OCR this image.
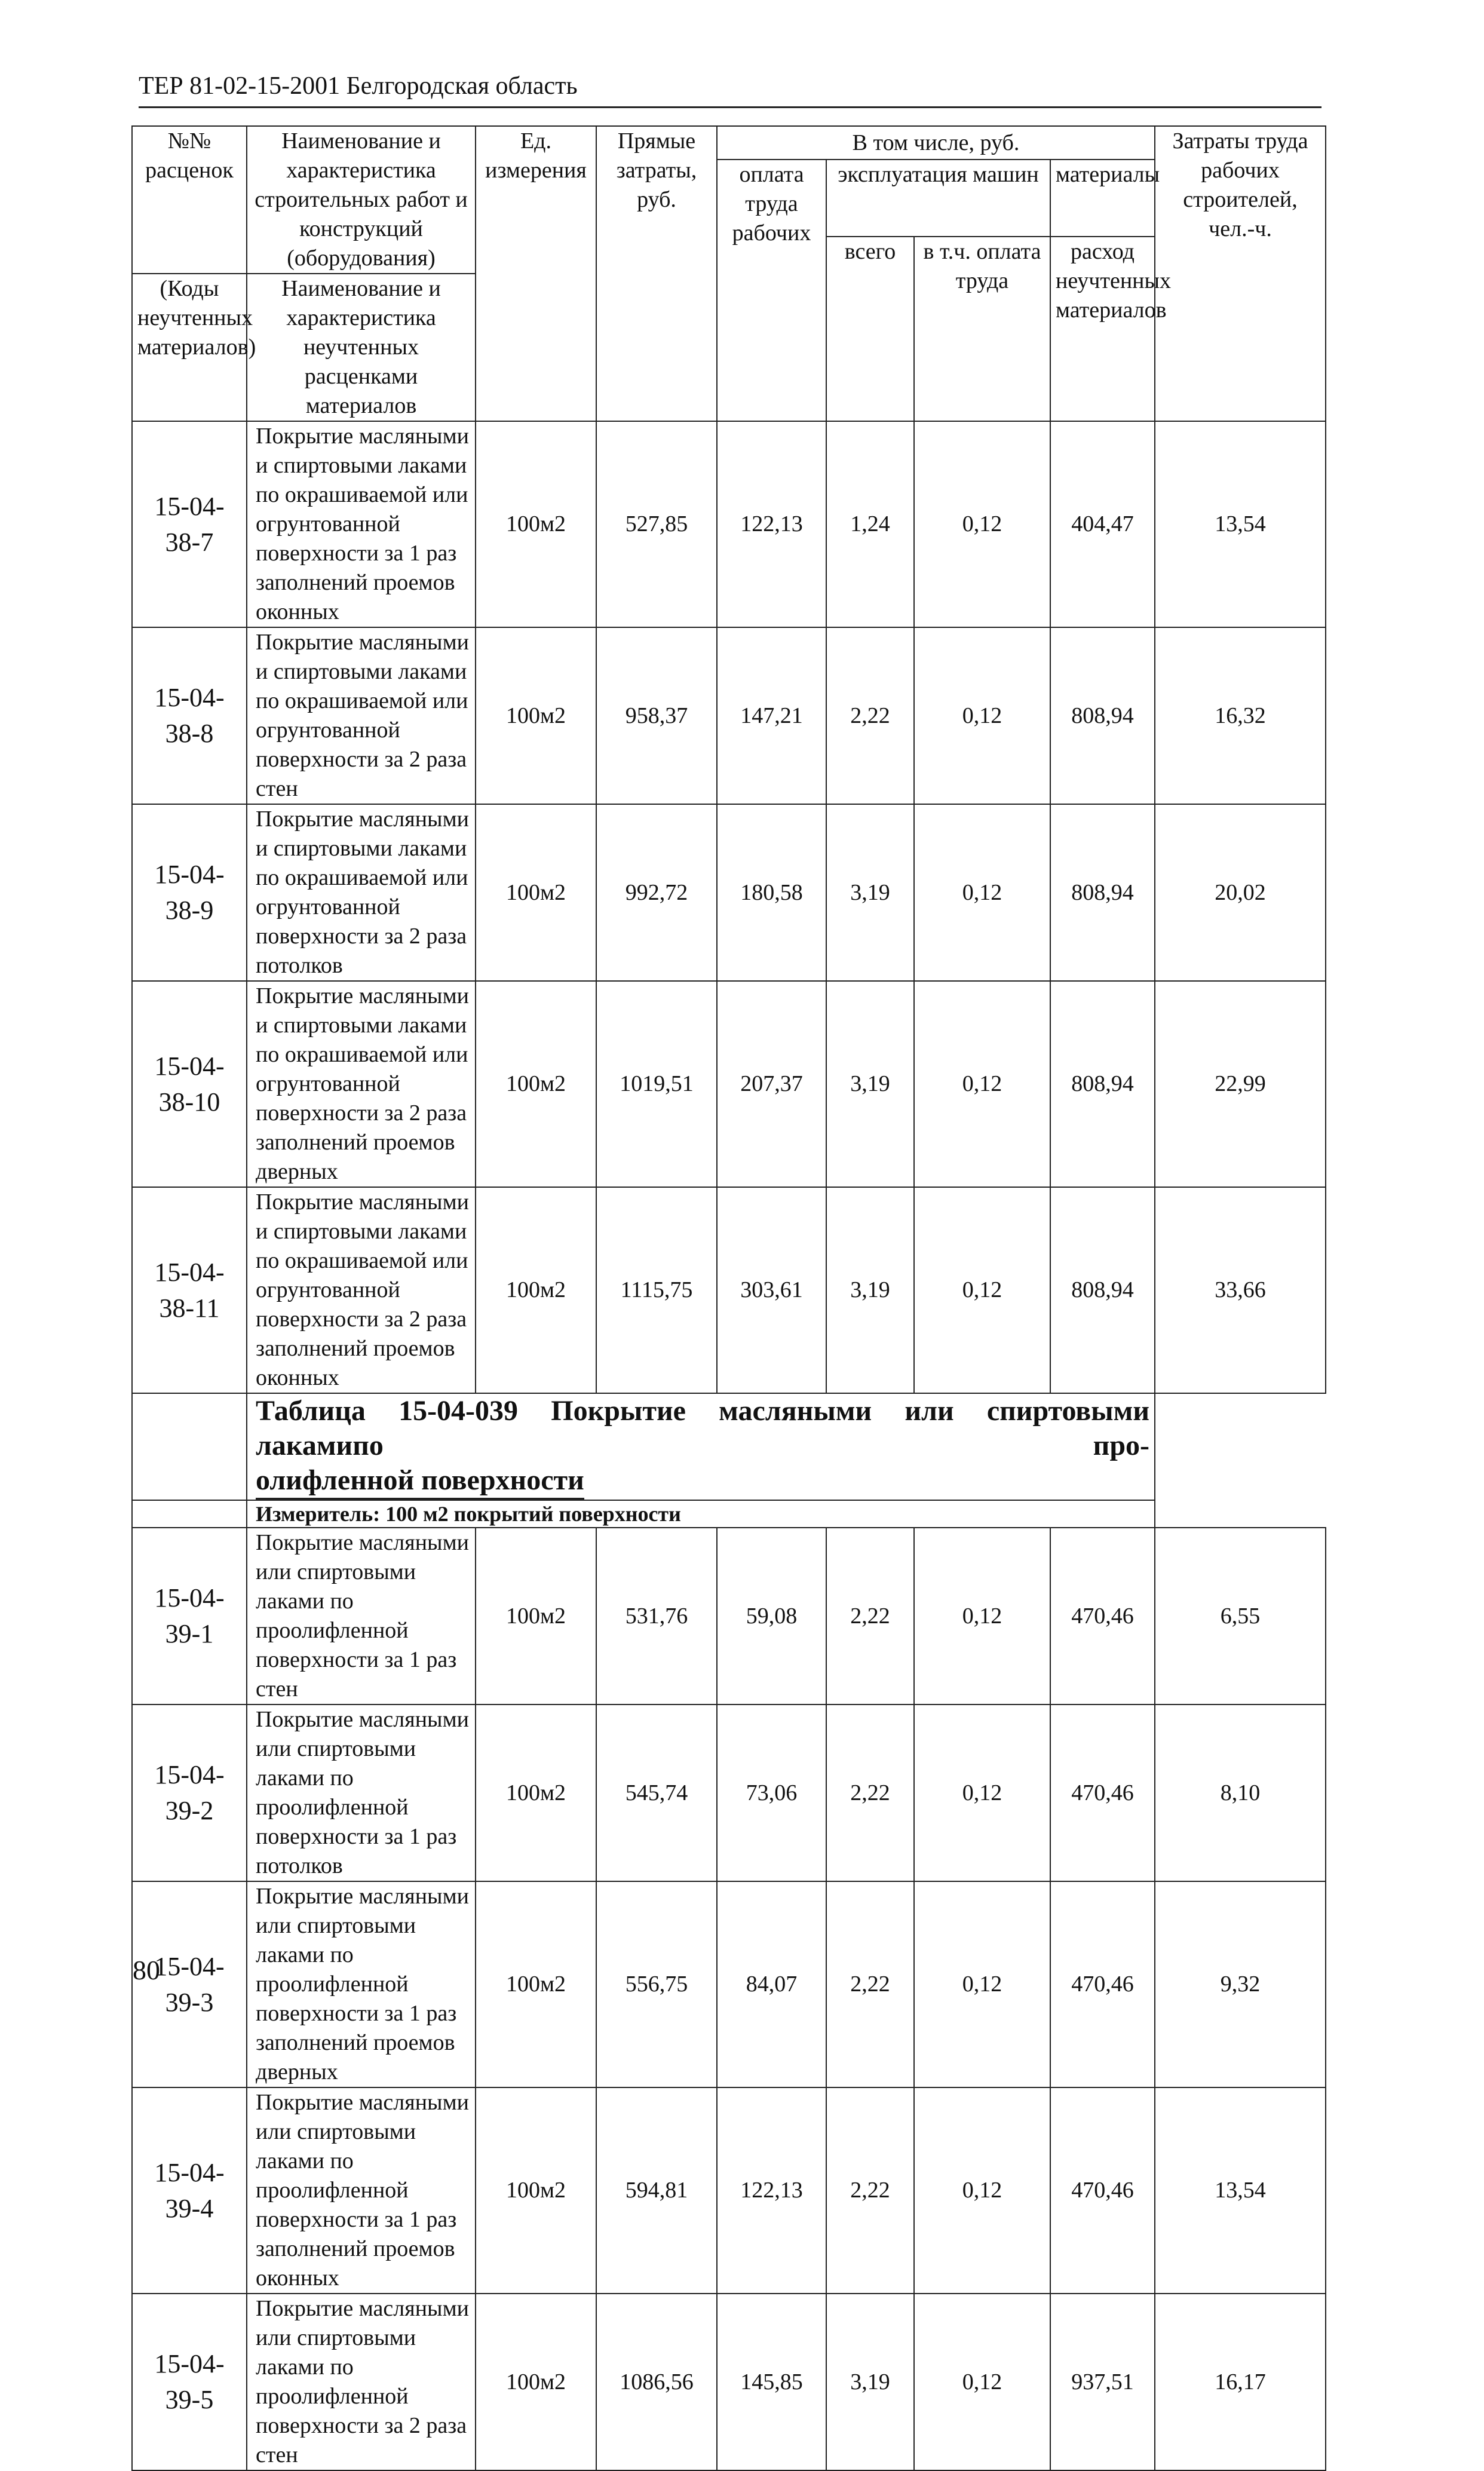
ТЕР 81-02-15-2001 Белгородская область
№№ расценок	Наименование и характеристика строительных работ и конструкций (оборудования)	Ед. измерения	Прямые затраты, руб.	В том числе, руб.				Затраты труда рабочих строителей, чел.-ч.
				оплата труда рабочих	эксплуатация машин		материалы	
					всего	в т.ч. оплата труда	расход неучтенных материалов	
(Коды неучтенных материалов)	Наименование и характеристика неучтенных расценками материалов							

15-04-38-7	Покрытие масляными и спиртовыми лаками по окрашиваемой или огрунтованной поверхности за 1 раз заполнений проемов оконных	100м2	527,85	122,13	1,24	0,12	404,47	13,54
15-04-38-8	Покрытие масляными и спиртовыми лаками по окрашиваемой или огрунтованной поверхности за 2 раза стен	100м2	958,37	147,21	2,22	0,12	808,94	16,32
15-04-38-9	Покрытие масляными и спиртовыми лаками по окрашиваемой или огрунтованной поверхности за 2 раза потолков	100м2	992,72	180,58	3,19	0,12	808,94	20,02
15-04-38-10	Покрытие масляными и спиртовыми лаками по окрашиваемой или огрунтованной поверхности за 2 раза заполнений проемов дверных	100м2	1019,51	207,37	3,19	0,12	808,94	22,99
15-04-38-11	Покрытие масляными и спиртовыми лаками по окрашиваемой или огрунтованной поверхности за 2 раза заполнений проемов оконных	100м2	1115,75	303,61	3,19	0,12	808,94	33,66

	Таблица 15-04-039 Покрытие масляными или спиртовыми лакамипо про-
олифленной поверхности							
	Измеритель: 100 м2 покрытий поверхности							
15-04-39-1	Покрытие масляными или спиртовыми лаками по проолифленной поверхности за 1 раз стен	100м2	531,76	59,08	2,22	0,12	470,46	6,55
15-04-39-2	Покрытие масляными или спиртовыми лаками по проолифленной поверхности за 1 раз потолков	100м2	545,74	73,06	2,22	0,12	470,46	8,10
15-04-39-3	Покрытие масляными или спиртовыми лаками по проолифленной поверхности за 1 раз заполнений проемов дверных	100м2	556,75	84,07	2,22	0,12	470,46	9,32
15-04-39-4	Покрытие масляными или спиртовыми лаками по проолифленной поверхности за 1 раз заполнений проемов оконных	100м2	594,81	122,13	2,22	0,12	470,46	13,54
15-04-39-5	Покрытие масляными или спиртовыми лаками по проолифленной поверхности за 2 раза стен	100м2	1086,56	145,85	3,19	0,12	937,51	16,17
80
